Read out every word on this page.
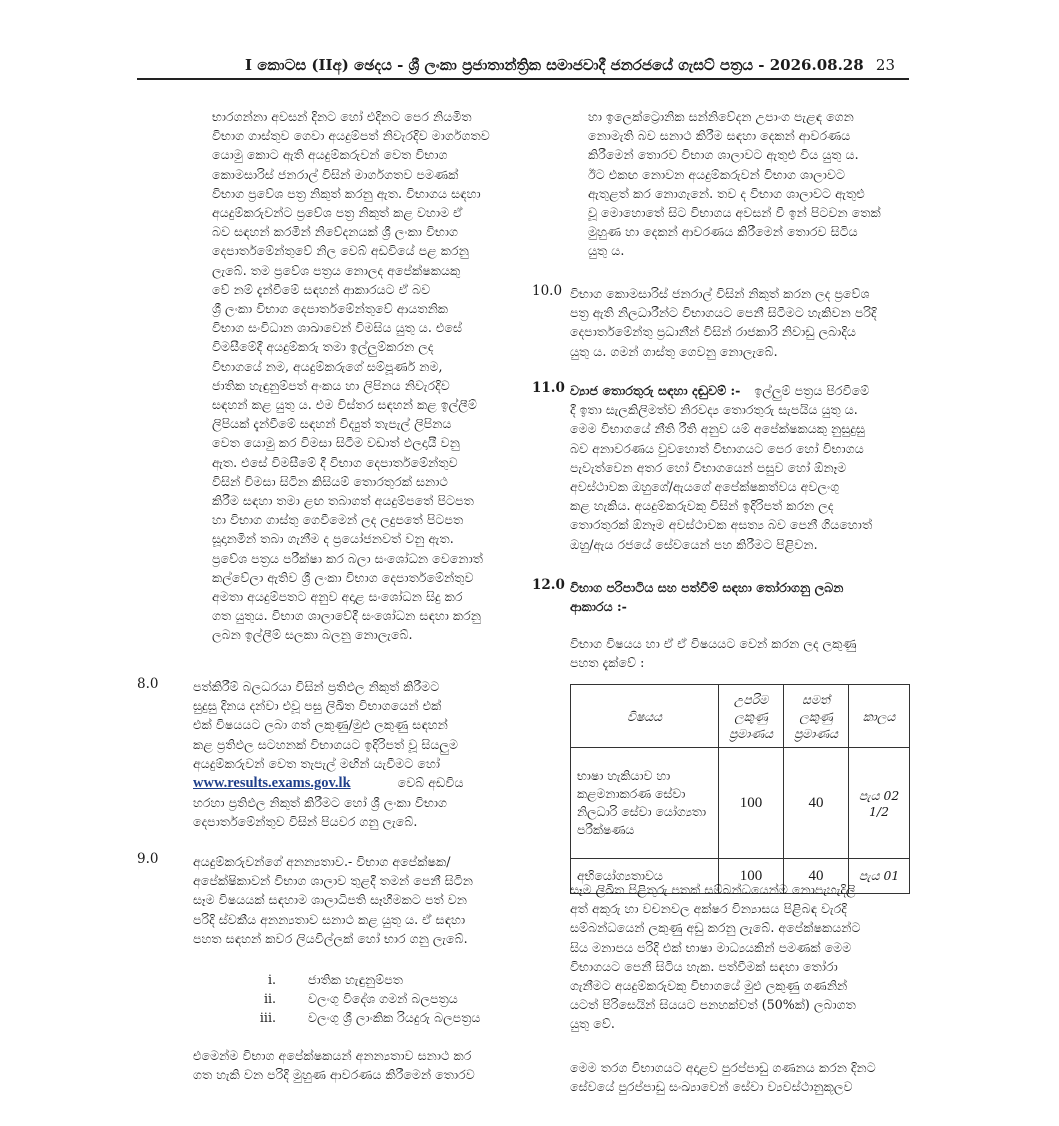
I කොටස (IIඅ) ඡෙදය - ශ්‍රී ලංකා ප්‍රජාතාන්ත්‍රික සමාජවාදී ජනරජයේ ගැසට් පත්‍රය - 2026.08.28 23
භාරගන්නා අවසන් දිනට හෝ එදිනට පෙර නියමිත
විභාග ගාස්තුව ගෙවා අයදුම්පත් නිවැරදිව මාර්ගගතව
යොමු කොට ඇති අයදුම්කරුවන් වෙත විභාග
කොමසාරිස් ජනරාල් විසින් මාර්ගගතව පමණක්
විභාග ප්‍රවේශ පත්‍ර නිකුත් කරනු ඇත. විභාගය සඳහා
අයදුම්කරුවන්ට ප්‍රවේශ පත්‍ර නිකුත් කළ වහාම ඒ
බව සඳහන් කරමින් නිවේදනයක් ශ්‍රී ලංකා විභාග
දෙපාර්තමේන්තුවේ නිල වෙබ් අඩවියේ පළ කරනු
ලැබේ. තම ප්‍රවේශ පත්‍රය නොලද අපේක්ෂකයකු
වේ නම් දැන්වීමේ සඳහන් ආකාරයට ඒ බව
ශ්‍රී ලංකා විභාග දෙපාර්තමේන්තුවේ ආයතනික
විභාග සංවිධාන ශාඛාවෙන් විමසිය යුතු ය. එසේ
විමසීමේදී අයදුම්කරු තමා ඉල්ලුම්කරන ලද
විභාගයේ නම, අයදුම්කරුගේ සම්පූර්ණ නම,
ජාතික හැඳුනුම්පත් අංකය හා ලිපිනය නිවැරදිව
සඳහන් කළ යුතු ය. එම විස්තර සඳහන් කළ ඉල්ලීම්
ලිපියක් දැන්වීමේ සඳහන් විද්‍යුත් තැපැල් ලිපිනය
වෙත යොමු කර විමසා සිටීම වඩාත් ඵලදායී වනු
ඇත. එසේ විමසීමේ දී විභාග දෙපාර්තමේන්තුව
විසින් විමසා සිටින කිසියම් තොරතුරක් සනාථ
කිරීම සඳහා තමා ළඟ තබාගත් අයදුම්පතේ පිටපත
හා විභාග ගාස්තු ගෙවීමෙන් ලද ලදුපතේ පිටපත
සූදානමින් තබා ගැනීම ද ප්‍රයෝජනවත් වනු ඇත.
ප්‍රවේශ පත්‍රය පරීක්ෂා කර බලා සංශෝධන වෙනොත්
කල්වේලා ඇතිව ශ්‍රී ලංකා විභාග දෙපාර්තමේන්තුව
අමතා අයදුම්පතට අනුව අදාළ සංශෝධන සිදු කර
ගත යුතුය. විභාග ශාලාවේදී සංශෝධන සඳහා කරනු
ලබන ඉල්ලීම් සලකා බලනු නොලැබේ.
8.0	පත්කිරීම් බලධරයා විසින් ප්‍රතිඵල නිකුත් කිරීමට
සුදුසු දිනය දන්වා එවූ පසු ලිඛිත විභාගයෙන් එක්
එක් විෂයයට ලබා ගත් ලකුණු/මුළු ලකුණු සඳහන්
කළ ප්‍රතිඵල සටහනක් විභාගයට ඉදිරිපත් වූ සියලුම
අයදුම්කරුවන් වෙත තැපැල් මඟින් යැවීමට හෝ
www.results.exams.gov.lk	වෙබ් අඩවිය
හරහා ප්‍රතිඵල නිකුත් කිරීමට හෝ ශ්‍රී ලංකා විභාග
දෙපාර්තමේන්තුව විසින් පියවර ගනු ලැබේ.
9.0	අයදුම්කරුවන්ගේ අනන්‍යතාව.- විභාග අපේක්ෂක/
අපේක්ෂිකාවන් විභාග ශාලාව තුළදී තමන් පෙනී සිටින
සෑම විෂයයක් සඳහාම ශාලාධිපති සෑහීමකට පත් වන
පරිදි ස්වකීය අනන්‍යතාව සනාථ කළ යුතු ය. ඒ සඳහා
පහත සඳහන් කවර ලියවිල්ලක් හෝ භාර ගනු ලැබේ.
i.	ජාතික හැඳුනුම්පත
ii.	වලංගු විදේශ ගමන් බලපත්‍රය
iii.	වලංගු ශ්‍රී ලාංකික රියදුරු බලපත්‍රය
එමෙන්ම විභාග අපේක්ෂකයන් අනන්‍යතාව සනාථ කර
ගත හැකි වන පරිදි මුහුණ ආවරණය කිරීමෙන් තොරව
හා ඉලෙක්ට්‍රොනික සන්නිවේදන උපාංග පැළඳ ගෙන
නොමැති බව සනාථ කිරීම සඳහා දෙකන් ආවරණය
කිරීමෙන් තොරව විභාග ශාලාවට ඇතුළු විය යුතු ය.
ඊට එකඟ නොවන අයදුම්කරුවන් විභාග ශාලාවට
ඇතුළත් කර නොගැනේ. තව ද විභාග ශාලාවට ඇතුළු
වූ මොහොතේ සිට විභාගය අවසන් වී ඉන් පිටවන තෙක්
මුහුණ හා දෙකන් ආවරණය කිරීමෙන් තොරව සිටිය
යුතු ය.
10.0 විභාග කොමසාරිස් ජනරාල් විසින් නිකුත් කරන ලද ප්‍රවේශ
පත්‍ර ඇති නිලධාරීන්ට විභාගයට පෙනී සිටීමට හැකිවන පරිදි
දෙපාර්තමේන්තු ප්‍රධානීන් විසින් රාජකාරි නිවාඩු ලබාදිය
යුතු ය. ගමන් ගාස්තු ගෙවනු නොලැබේ.
11.0 ව්‍යාජ තොරතුරු සඳහා දඬුවම් :- ඉල්ලුම් පත්‍රය පිරවීමේ
දී ඉතා සැලකිලිමත්ව නිරවද්‍ය තොරතුරු සැපයිය යුතු ය.
මෙම විභාගයේ නීති රීති අනුව යම් අපේක්ෂකයකු නුසුදුසු
බව අනාවරණය වුවහොත් විභාගයට පෙර හෝ විභාගය
පැවැත්වෙන අතර හෝ විභාගයෙන් පසුව හෝ ඕනෑම
අවස්ථාවක ඔහුගේ/ඇයගේ අපේක්ෂකත්වය අවලංගු
කළ හැකිය. අයදුම්කරුවකු විසින් ඉදිරිපත් කරන ලද
තොරතුරක් ඕනෑම අවස්ථාවක අසත්‍ය බව පෙනී ගියහොත්
ඔහු/ඇය රජයේ සේවයෙන් පහ කිරීමට පිළිවන.
12.0 විභාග පරිපාටිය සහ පත්වීම් සඳහා තෝරාගනු ලබන
ආකාරය :-
විභාග විෂයය හා ඒ ඒ විෂයයට වෙන් කරන ලද ලකුණු
පහත දැක්වේ :
විෂයය	උපරිම ලකුණු ප්‍රමාණය	සමත් ලකුණු ප්‍රමාණය	කාලය
භාෂා හැකියාව හා කළමනාකරණ සේවා නිලධාරි සේවා යෝග්‍යතා පරීක්ෂණය	100	40	පැය 02 1/2
අභියෝග්‍යතාවය	100	40	පැය 01
සෑම ලිඛිත පිළිතුරු පතක් සම්බන්ධයෙන්ම නොපැහැදිලි
අත් අකුරු හා වචනවල අක්ෂර වින්‍යාසය පිළිබඳ වැරදි
සම්බන්ධයෙන් ලකුණු අඩු කරනු ලැබේ. අපේක්ෂකයන්ට
සිය මනාපය පරිදි එක් භාෂා මාධ්‍යයකින් පමණක් මෙම
විභාගයට පෙනී සිටිය හැක. පත්වීමක් සඳහා තෝරා
ගැනීමට අයදුම්කරුවකු විභාගයේ මුළු ලකුණු ගණනින්
යටත් පිරිසෙයින් සියයට පනහක්වත් (50%ක්) ලබාගත
යුතු වේ.
මෙම තරග විභාගයට අදාළව පුරප්පාඩු ගණනය කරන දිනට
සේවයේ පුරප්පාඩු සංඛ්‍යාවෙන් සේවා ව්‍යවස්ථානුකූලව
